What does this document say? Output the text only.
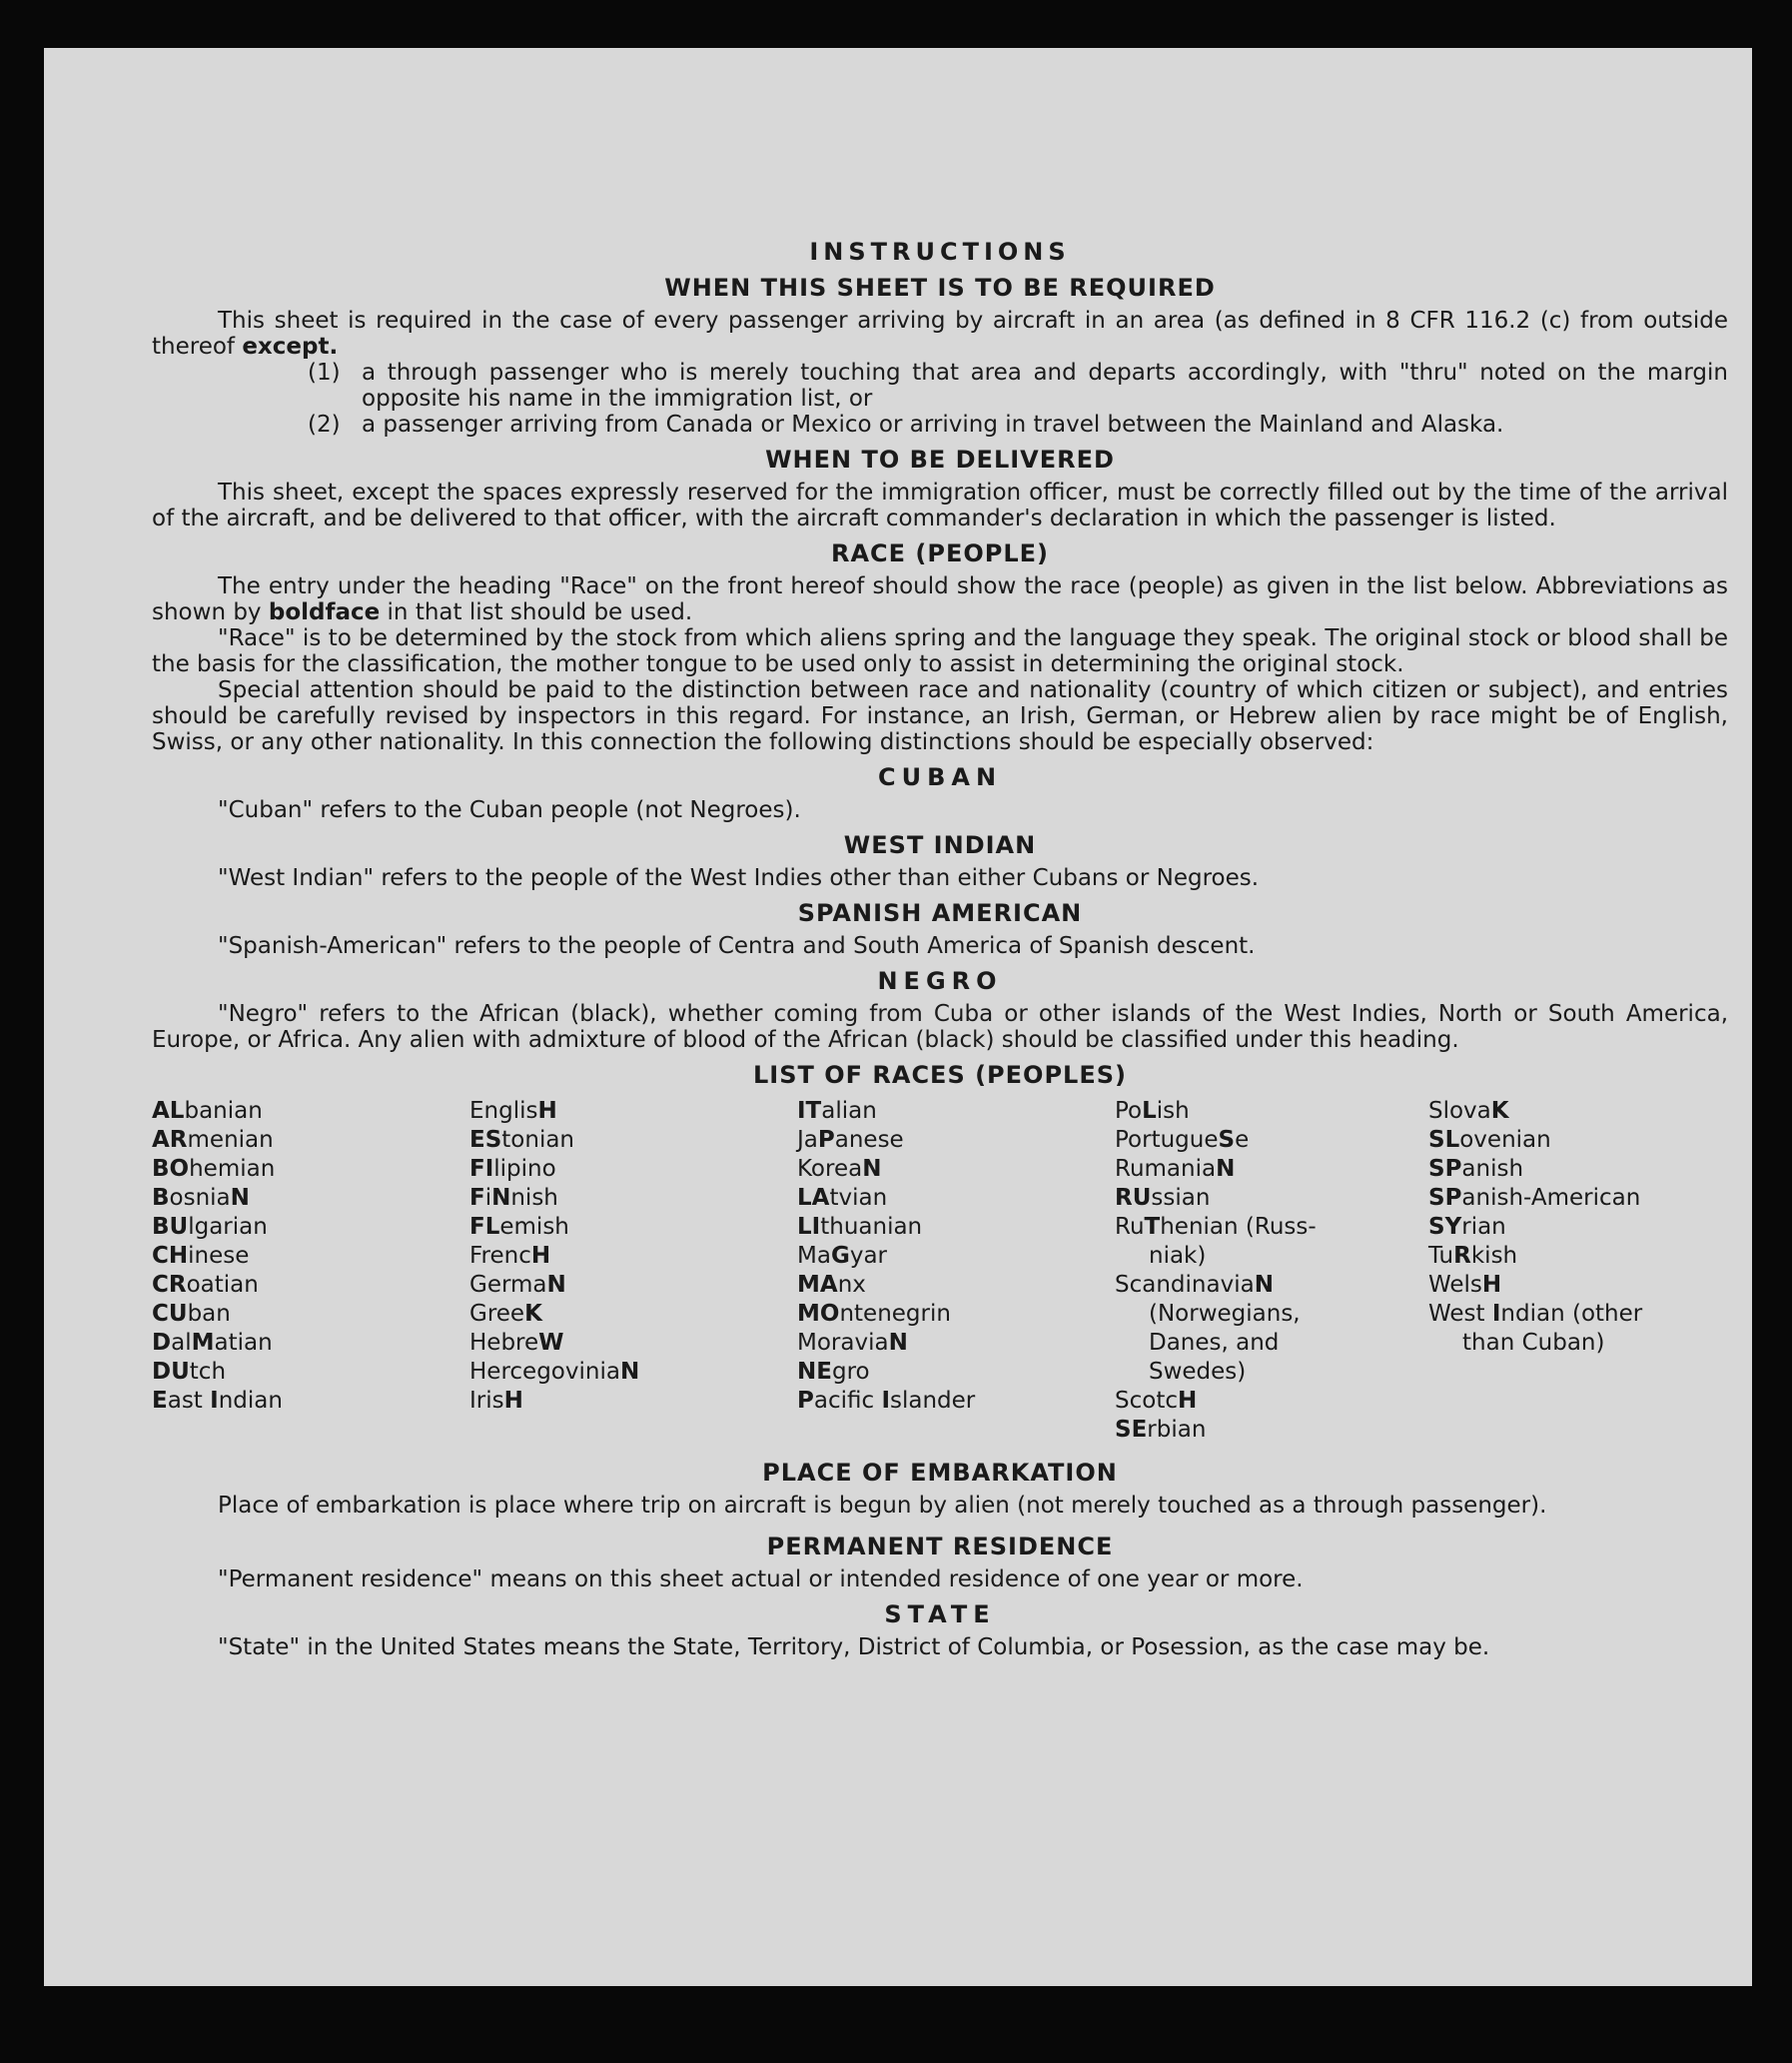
INSTRUCTIONS
WHEN THIS SHEET IS TO BE REQUIRED

This sheet is required in the case of every passenger arriving by aircraft in an area (as defined in 8 CFR 116.2 (c) from outside thereof except.

(1) a through passenger who is merely touching that area and departs accordingly, with "thru" noted on the margin opposite his name in the immigration list, or
(2) a passenger arriving from Canada or Mexico or arriving in travel between the Mainland and Alaska.
WHEN TO BE DELIVERED

This sheet, except the spaces expressly reserved for the immigration officer, must be correctly filled out by the time of the arrival of the aircraft, and be delivered to that officer, with the aircraft commander's declaration in which the passenger is listed.

RACE (PEOPLE)

The entry under the heading "Race" on the front hereof should show the race (people) as given in the list below. Abbreviations as shown by boldface in that list should be used.

"Race" is to be determined by the stock from which aliens spring and the language they speak. The original stock or blood shall be the basis for the classification, the mother tongue to be used only to assist in determining the original stock.

Special attention should be paid to the distinction between race and nationality (country of which citizen or subject), and entries should be carefully revised by inspectors in this regard. For instance, an Irish, German, or Hebrew alien by race might be of English, Swiss, or any other nationality. In this connection the following distinctions should be especially observed:

CUBAN

"Cuban" refers to the Cuban people (not Negroes).

WEST INDIAN

"West Indian" refers to the people of the West Indies other than either Cubans or Negroes.

SPANISH AMERICAN

"Spanish-American" refers to the people of Centra and South America of Spanish descent.

NEGRO

"Negro" refers to the African (black), whether coming from Cuba or other islands of the West Indies, North or South America, Europe, or Africa. Any alien with admixture of blood of the African (black) should be classified under this heading.

LIST OF RACES (PEOPLES)
ALbanian
ARmenian
BOhemian
BosniaN
BUlgarian
CHinese
CRoatian
CUban
DalMatian
DUtch
East Indian
EnglisH
EStonian
FIlipino
FiNnish
FLemish
FrencH
GermaN
GreeK
HebreW
HercegoviniaN
IrisH
ITalian
JaPanese
KoreaN
LAtvian
LIthuanian
MaGyar
MAnx
MOntenegrin
MoraviaN
NEgro
Pacific Islander
PoLish
PortugueSe
RumaniaN
RUssian
RuThenian (Russ-
niak)
ScandinaviaN
(Norwegians,
Danes, and
Swedes)
ScotcH
SErbian
SlovaK
SLovenian
SPanish
SPanish-American
SYrian
TuRkish
WelsH
West Indian (other
than Cuban)
PLACE OF EMBARKATION

Place of embarkation is place where trip on aircraft is begun by alien (not merely touched as a through passenger).

PERMANENT RESIDENCE

"Permanent residence" means on this sheet actual or intended residence of one year or more.

STATE

"State" in the United States means the State, Territory, District of Columbia, or Posession, as the case may be.
